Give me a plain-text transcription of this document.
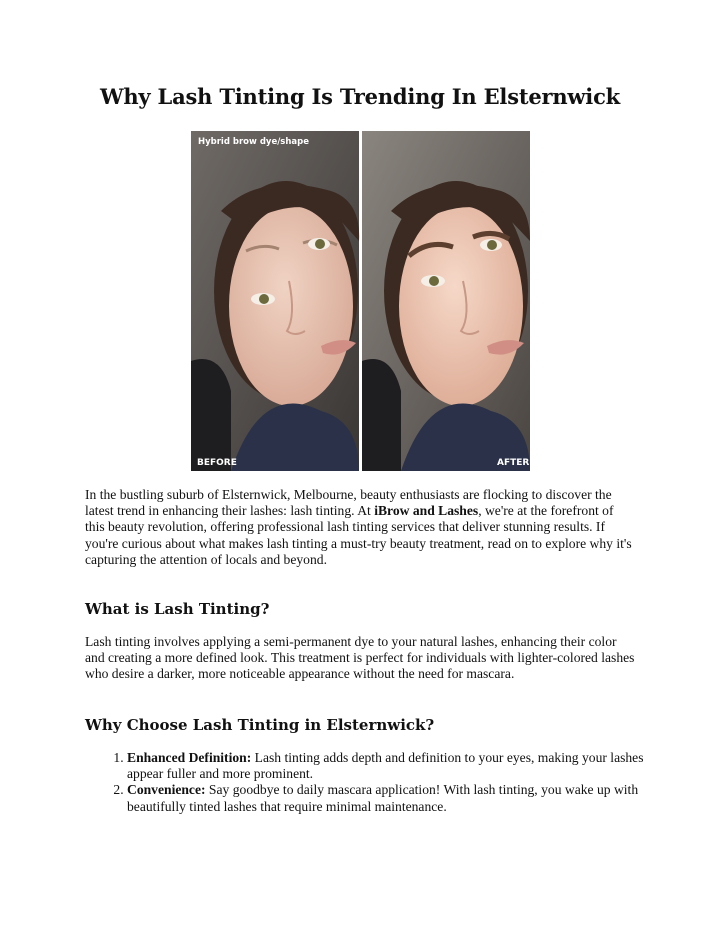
Why Lash Tinting Is Trending In Elsternwick
Hybrid brow dye/shape
BEFORE	AFTER

In the bustling suburb of Elsternwick, Melbourne, beauty enthusiasts are flocking to discover the latest trend in enhancing their lashes: lash tinting. At iBrow and Lashes, we're at the forefront of this beauty revolution, offering professional lash tinting services that deliver stunning results. If you're curious about what makes lash tinting a must-try beauty treatment, read on to explore why it's capturing the attention of locals and beyond.

What is Lash Tinting?

Lash tinting involves applying a semi-permanent dye to your natural lashes, enhancing their color and creating a more defined look. This treatment is perfect for individuals with lighter-colored lashes who desire a darker, more noticeable appearance without the need for mascara.

Why Choose Lash Tinting in Elsternwick?
1. Enhanced Definition: Lash tinting adds depth and definition to your eyes, making your lashes appear fuller and more prominent.
2. Convenience: Say goodbye to daily mascara application! With lash tinting, you wake up with beautifully tinted lashes that require minimal maintenance.
